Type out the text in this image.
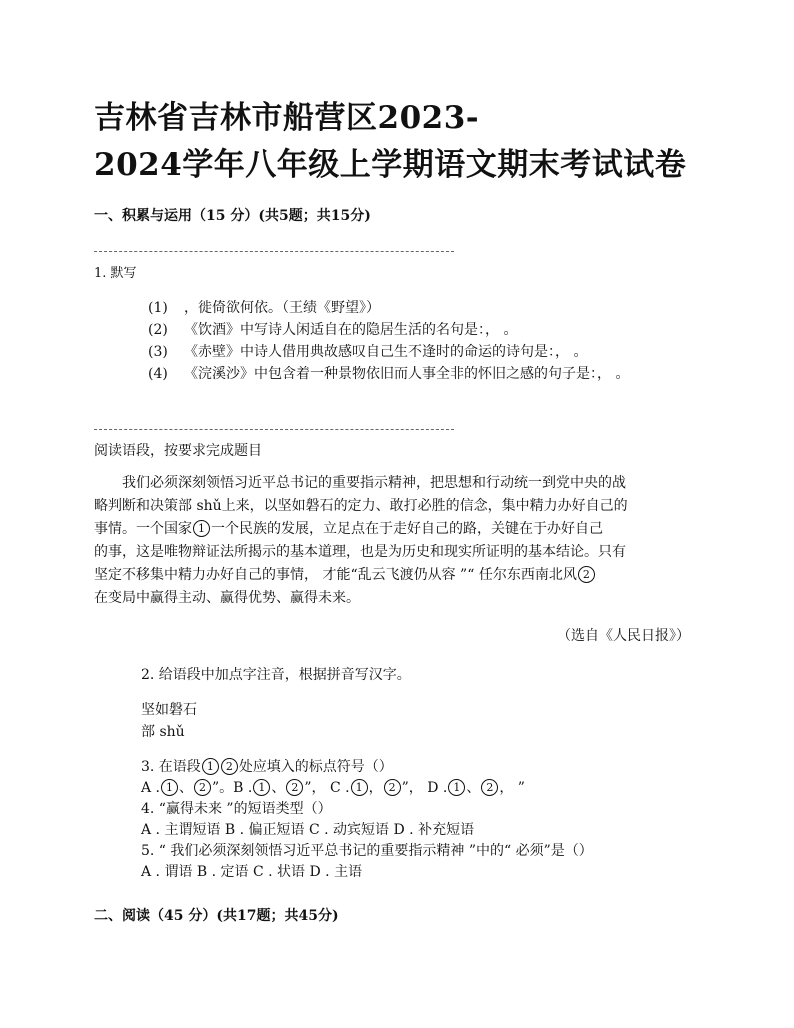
吉林省吉林市船营区2023-
2024学年八年级上学期语文期末考试试卷
一、积累与运用（15 分）(共5题；共15分)
1. 默写
(1) ，徙倚欲何依。（王绩《野望》）
(2) 《饮酒》中写诗人闲适自在的隐居生活的名句是：， 。
(3) 《赤壁》中诗人借用典故感叹自己生不逢时的命运的诗句是：， 。
(4) 《浣溪沙》中包含着一种景物依旧而人事全非的怀旧之感的句子是：， 。
阅读语段，按要求完成题目
我们必须深刻领悟习近平总书记的重要指示精神，把思想和行动统一到党中央的战
略判断和决策部 shǔ上来，以坚如磐石的定力、敢打必胜的信念，集中精力办好自己的
事情。一个国家 1 一个民族的发展，立足点在于走好自己的路，关键在于办好自己
的事，这是唯物辩证法所揭示的基本道理，也是为历史和现实所证明的基本结论。只有
坚定不移集中精力办好自己的事情， 才能“乱云飞渡仍从容 ”“ 任尔东西南北风 2
在变局中赢得主动、赢得优势、赢得未来。
（选自《人民日报》）
2. 给语段中加点字注音，根据拼音写汉字。
坚如磐石
部 shǔ
3. 在语段 1 2 处应填入的标点符号（）
A . 1 、 2 ”。B . 1 、 2 ”， C . 1 ， 2 ”， D . 1 、 2 ， ”
4. “赢得未来 ”的短语类型（）
A . 主谓短语 B . 偏正短语 C . 动宾短语 D . 补充短语
5. “ 我们必须深刻领悟习近平总书记的重要指示精神 ”中的“ 必须”是（）
A . 谓语 B . 定语 C . 状语 D . 主语
二、阅读（45 分）(共17题；共45分)
